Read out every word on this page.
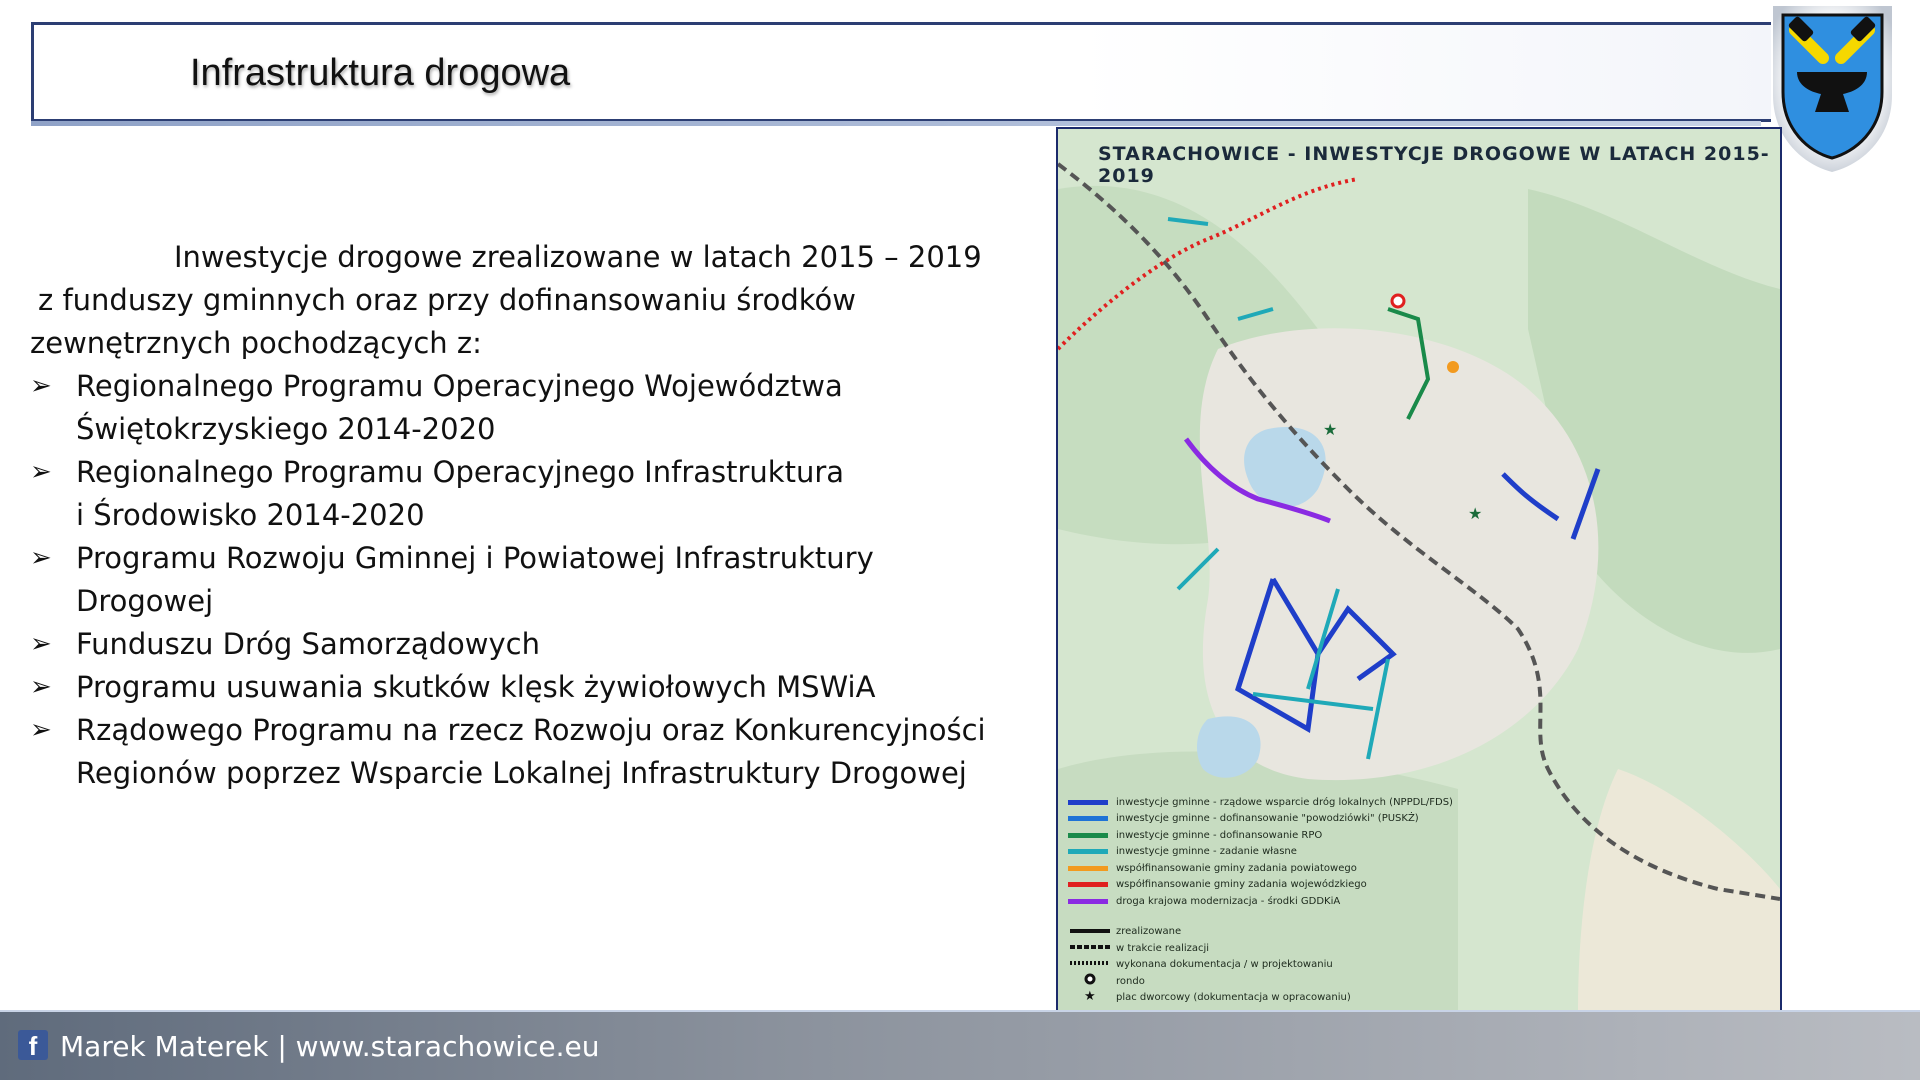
Infrastruktura drogowa

Inwestycje drogowe zrealizowane w latach 2015 – 2019

z funduszy gminnych oraz przy dofinansowaniu środków

zewnętrznych pochodzących z:

➢ Regionalnego Programu Operacyjnego Województwa
Świętokrzyskiego 2014-2020
➢ Regionalnego Programu Operacyjnego Infrastruktura
i Środowisko 2014-2020
➢ Programu Rozwoju Gminnej i Powiatowej Infrastruktury
Drogowej
➢ Funduszu Dróg Samorządowych
➢ Programu usuwania skutków klęsk żywiołowych MSWiA
➢ Rządowego Programu na rzecz Rozwoju oraz Konkurencyjności
Regionów poprzez Wsparcie Lokalnej Infrastruktury Drogowej
★
★
★
STARACHOWICE - INWESTYCJE DROGOWE W LATACH 2015-2019
inwestycje gminne - rządowe wsparcie dróg lokalnych (NPPDL/FDS)
inwestycje gminne - dofinansowanie "powodziówki" (PUSKŻ)
inwestycje gminne - dofinansowanie RPO
inwestycje gminne - zadanie własne
współfinansowanie gminy zadania powiatowego
współfinansowanie gminy zadania wojewódzkiego
droga krajowa modernizacja - środki GDDKiA
zrealizowane
w trakcie realizacji
wykonana dokumentacja / w projektowaniu
rondo
plac dworcowy (dokumentacja w opracowaniu)
f Marek Materek | www.starachowice.eu
